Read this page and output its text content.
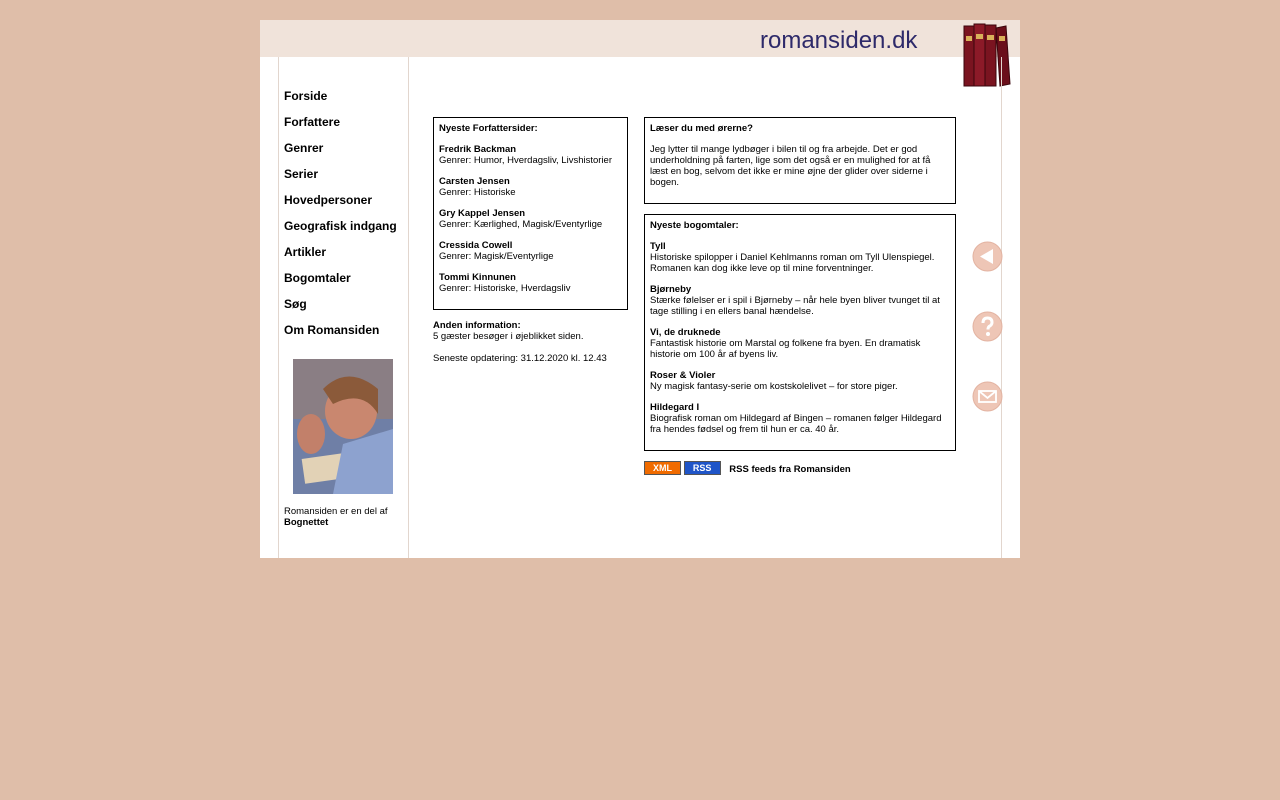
romansiden.dk
Forside
Forfattere
Genrer
Serier
Hovedpersoner
Geografisk indgang
Artikler
Bogomtaler
Søg
Om Romansiden
Romansiden er en del af
Bognettet
Nyeste Forfattersider:
Fredrik Backman
Genrer: Humor, Hverdagsliv, Livshistorier
Carsten Jensen
Genrer: Historiske
Gry Kappel Jensen
Genrer: Kærlighed, Magisk/Eventyrlige
Cressida Cowell
Genrer: Magisk/Eventyrlige
Tommi Kinnunen
Genrer: Historiske, Hverdagsliv
Anden information:
5 gæster besøger i øjeblikket siden.
Seneste opdatering: 31.12.2020 kl. 12.43
Læser du med ørerne?
Jeg lytter til mange lydbøger i bilen til og fra arbejde. Det er god underholdning på farten, lige som det også er en mulighed for at få læst en bog, selvom det ikke er mine øjne der glider over siderne i bogen.
Nyeste bogomtaler:
Tyll
Historiske spilopper i Daniel Kehlmanns roman om Tyll Ulenspiegel. Romanen kan dog ikke leve op til mine forventninger.
Bjørneby
Stærke følelser er i spil i Bjørneby – når hele byen bliver tvunget til at tage stilling i en ellers banal hændelse.
Vi, de druknede
Fantastisk historie om Marstal og folkene fra byen. En dramatisk historie om 100 år af byens liv.
Roser & Violer
Ny magisk fantasy-serie om kostskolelivet – for store piger.
Hildegard I
Biografisk roman om Hildegard af Bingen – romanen følger Hildegard fra hendes fødsel og frem til hun er ca. 40 år.
XML RSS RSS feeds fra Romansiden
